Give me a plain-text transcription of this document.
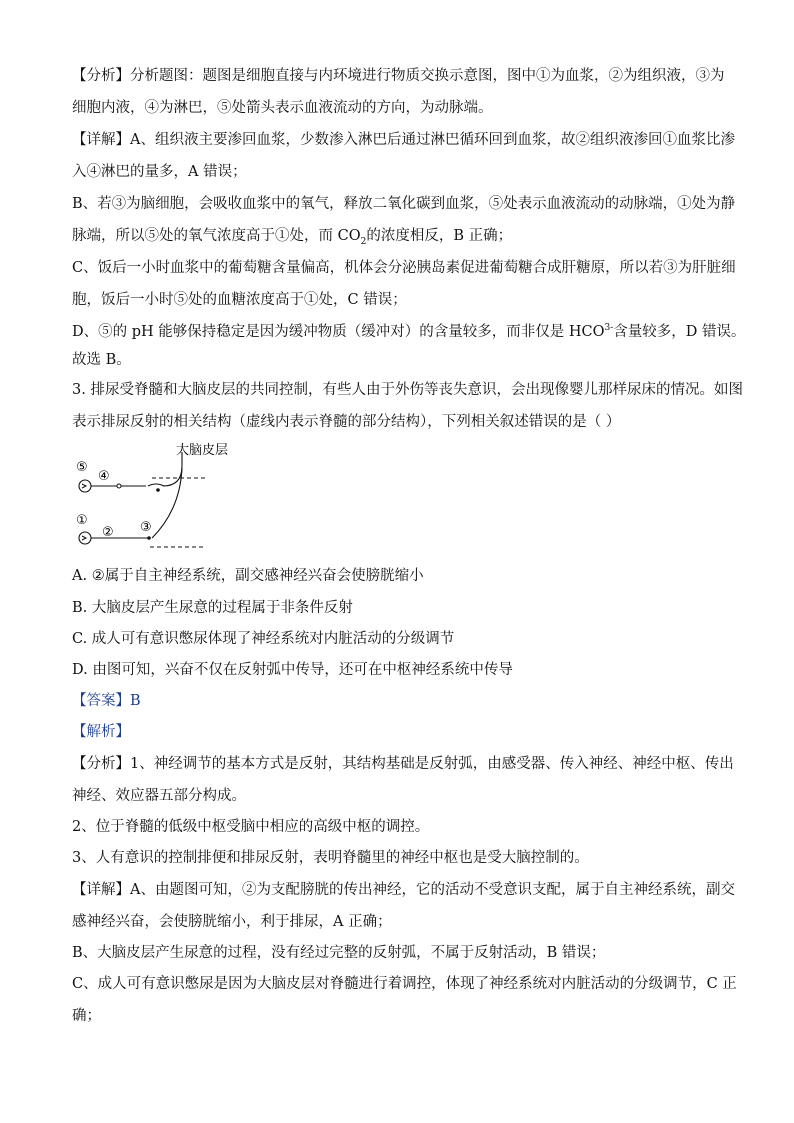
【分析】分析题图：题图是细胞直接与内环境进行物质交换示意图，图中①为血浆，②为组织液，③为
细胞内液，④为淋巴，⑤处箭头表示血液流动的方向，为动脉端。
【详解】A、组织液主要渗回血浆，少数渗入淋巴后通过淋巴循环回到血浆，故②组织液渗回①血浆比渗
入④淋巴的量多，A 错误；
B、若③为脑细胞，会吸收血浆中的氧气，释放二氧化碳到血浆，⑤处表示血液流动的动脉端，①处为静
脉端，所以⑤处的氧气浓度高于①处，而 $CO_2$的浓度相反，B 正确；
C、饭后一小时血浆中的葡萄糖含量偏高，机体会分泌胰岛素促进葡萄糖合成肝糖原，所以若③为肝脏细
胞，饭后一小时⑤处的血糖浓度高于①处，C 错误；
D、⑤的 pH 能够保持稳定是因为缓冲物质（缓冲对）的含量较多，而非仅是 $HCO^{3-}$含量较多，D 错误。
故选 B。
3. 排尿受脊髓和大脑皮层的共同控制，有些人由于外伤等丧失意识，会出现像婴儿那样尿床的情况。如图
表示排尿反射的相关结构（虚线内表示脊髓的部分结构），下列相关叙述错误的是（ ）
大脑皮层
⑤
④
①
② ③
A. ②属于自主神经系统，副交感神经兴奋会使膀胱缩小
B. 大脑皮层产生尿意的过程属于非条件反射
C. 成人可有意识憋尿体现了神经系统对内脏活动的分级调节
D. 由图可知，兴奋不仅在反射弧中传导，还可在中枢神经系统中传导
【答案】B
【解析】
【分析】1、神经调节的基本方式是反射，其结构基础是反射弧，由感受器、传入神经、神经中枢、传出
神经、效应器五部分构成。
2、位于脊髓的低级中枢受脑中相应的高级中枢的调控。
3、人有意识的控制排便和排尿反射，表明脊髓里的神经中枢也是受大脑控制的。
【详解】A、由题图可知，②为支配膀胱的传出神经，它的活动不受意识支配，属于自主神经系统，副交
感神经兴奋，会使膀胱缩小，利于排尿，A 正确；
B、大脑皮层产生尿意的过程，没有经过完整的反射弧，不属于反射活动，B 错误；
C、成人可有意识憋尿是因为大脑皮层对脊髓进行着调控，体现了神经系统对内脏活动的分级调节，C 正
确；
